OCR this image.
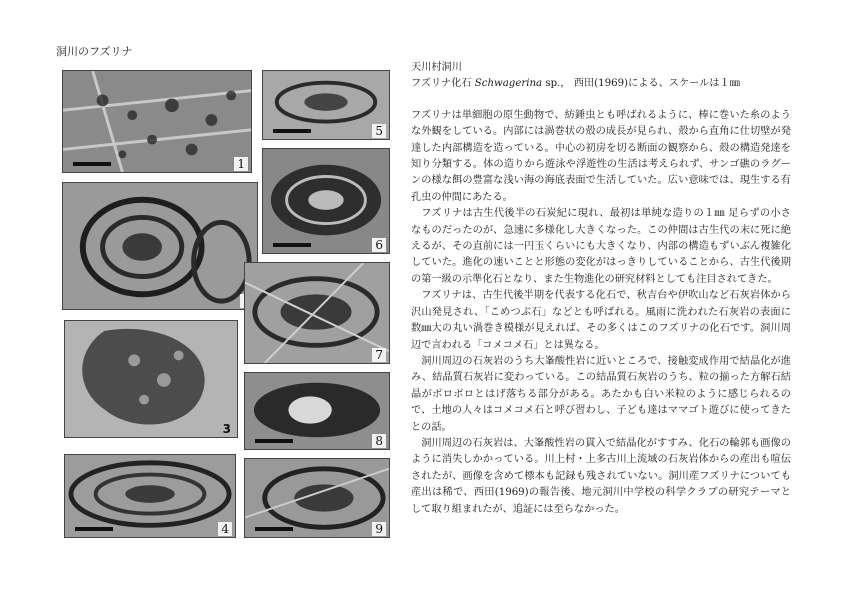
洞川のフズリナ
1
3
4
5
6
7
8
9

天川村洞川

フズリナ化石 Schwagerina sp.， 西田(1969)による、スケールは１㎜

フズリナは単細胞の原生動物で、紡錘虫とも呼ばれるように、棒に巻いた糸のような外観をしている。内部には渦巻状の殻の成長が見られ、殻から直角に仕切壁が発達した内部構造を造っている。中心の初房を切る断面の観察から、殻の構造発達を知り分類する。体の造りから遊泳や浮遊性の生活は考えられず、サンゴ礁のラグーンの様な餌の豊富な浅い海の海底表面で生活していた。広い意味では、現生する有孔虫の仲間にあたる。

フズリナは古生代後半の石炭紀に現れ、最初は単純な造りの１㎜ 足らずの小さなものだったのが、急速に多様化し大きくなった。この仲間は古生代の末に死に絶えるが、その直前には一円玉くらいにも大きくなり、内部の構造もずいぶん複雑化していた。進化の速いことと形態の変化がはっきりしていることから、古生代後期の第一級の示準化石となり、また生物進化の研究材料としても注目されてきた。

フズリナは、古生代後半期を代表する化石で、秋吉台や伊吹山など石灰岩体から沢山発見され、「こめつぶ石」などとも呼ばれる。風雨に洗われた石灰岩の表面に数㎜大の丸い渦巻き模様が見えれば、その多くはこのフズリナの化石です。洞川周辺で言われる「コメコメ石」とは異なる。

洞川周辺の石灰岩のうち大峯酸性岩に近いところで、接触変成作用で結晶化が進み、結晶質石灰岩に変わっている。この結晶質石灰岩のうち、粒の揃った方解石結晶がボロボロとはげ落ちる部分がある。あたかも白い米粒のように感じられるので、土地の人々はコメコメ石と呼び習わし、子ども達はママゴト遊びに使ってきたとの話。

洞川周辺の石灰岩は、大峯酸性岩の貫入で結晶化がすすみ、化石の輪郭も画像のように消失しかかっている。川上村・上多古川上流域の石灰岩体からの産出も喧伝されたが、画像を含めて標本も記録も残されていない。洞川産フズリナについても産出は稀で、西田(1969)の報告後、地元洞川中学校の科学クラブの研究テーマとして取り組まれたが、追証には至らなかった。
